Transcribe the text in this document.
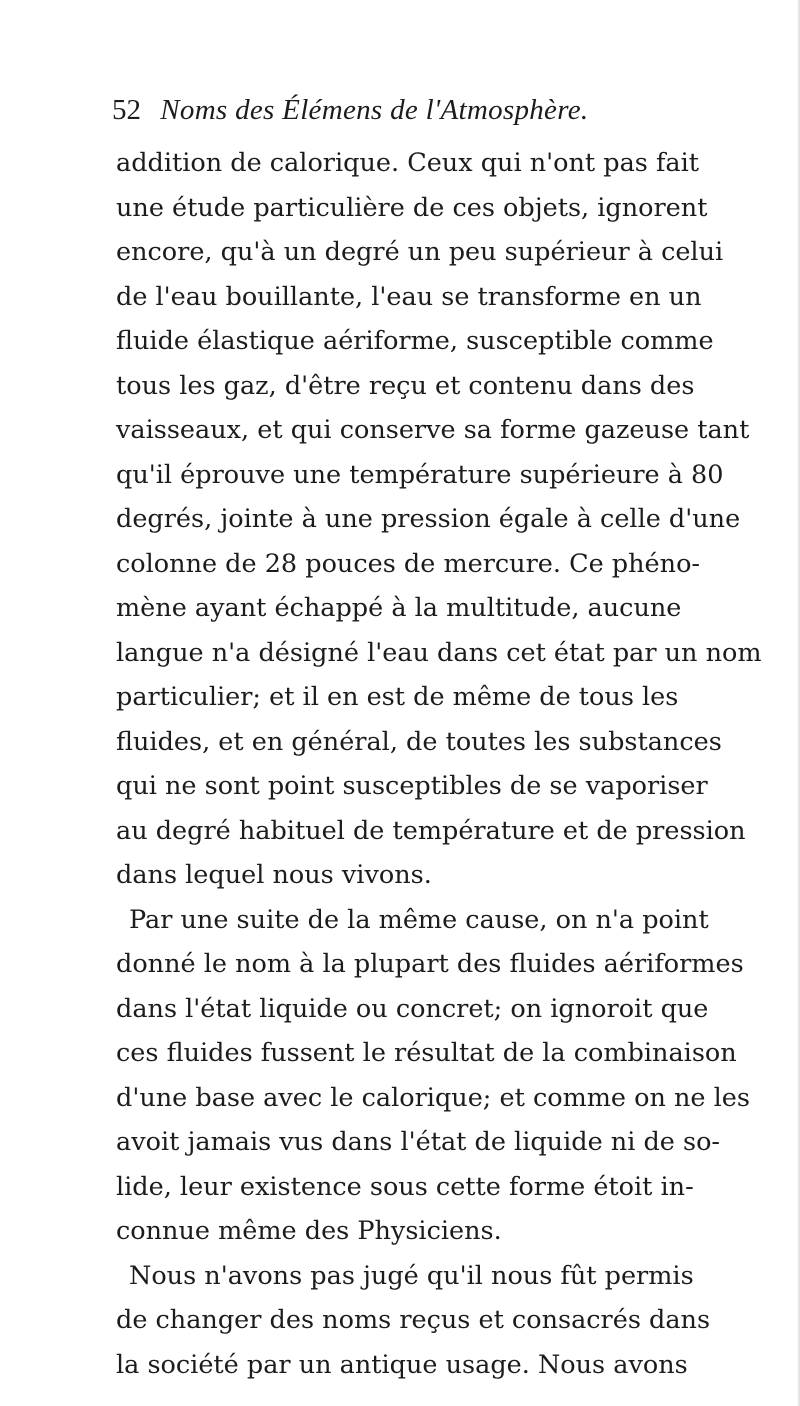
52 Noms des Élémens de l'Atmosphère.
addition de calorique. Ceux qui n'ont pas fait
une étude particulière de ces objets, ignorent
encore, qu'à un degré un peu supérieur à celui
de l'eau bouillante, l'eau se transforme en un
fluide élastique aériforme, susceptible comme
tous les gaz, d'être reçu et contenu dans des
vaisseaux, et qui conserve sa forme gazeuse tant
qu'il éprouve une température supérieure à 80
degrés, jointe à une pression égale à celle d'une
colonne de 28 pouces de mercure. Ce phéno-
mène ayant échappé à la multitude, aucune
langue n'a désigné l'eau dans cet état par un nom
particulier; et il en est de même de tous les
fluides, et en général, de toutes les substances
qui ne sont point susceptibles de se vaporiser
au degré habituel de température et de pression
dans lequel nous vivons.
Par une suite de la même cause, on n'a point
donné le nom à la plupart des fluides aériformes
dans l'état liquide ou concret; on ignoroit que
ces fluides fussent le résultat de la combinaison
d'une base avec le calorique; et comme on ne les
avoit jamais vus dans l'état de liquide ni de so-
lide, leur existence sous cette forme étoit in-
connue même des Physiciens.
Nous n'avons pas jugé qu'il nous fût permis
de changer des noms reçus et consacrés dans
la société par un antique usage. Nous avons
